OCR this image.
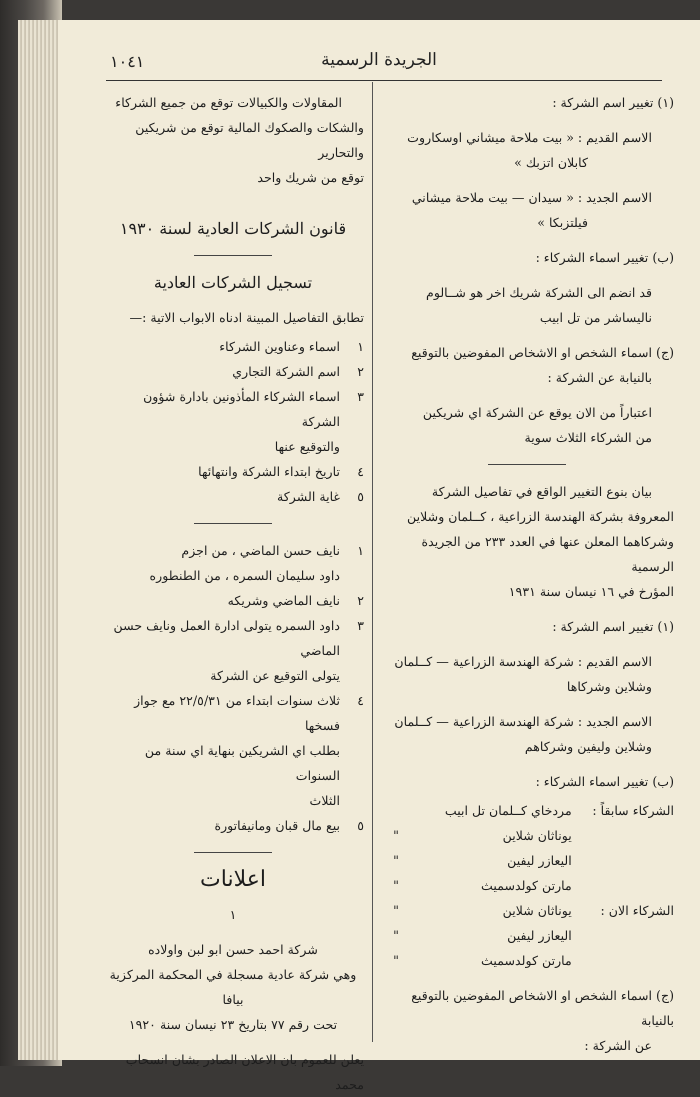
الجريدة الرسمية
١٠٤١

(١) تغيير اسم الشركة :

الاسم القديم : « بيت ملاحة ميشاني اوسكاروت

كابلان اتزبك »

الاسم الجديد : « سيدان — بيت ملاحة ميشاني

فيلتزبكا »

(ب) تغيير اسماء الشركاء :

قد انضم الى الشركة شريك اخر هو شــالوم

ناليساشر من تل ابيب

(ج) اسماء الشخص او الاشخاص المفوضين بالتوقيع

بالنيابة عن الشركة :

اعتباراً من الان يوقع عن الشركة اي شريكين

من الشركاء الثلاث سوية

بيان بنوع التغيير الواقع في تفاصيل الشركة

المعروفة بشركة الهندسة الزراعية ، كــلمان وشلاين

وشركاهما المعلن عنها في العدد ٢٣٣ من الجريدة الرسمية

المؤرخ في ١٦ نيسان سنة ١٩٣١

(١) تغيير اسم الشركة :

الاسم القديم : شركة الهندسة الزراعية — كــلمان

وشلاين وشركاها

الاسم الجديد : شركة الهندسة الزراعية — كــلمان

وشلاين وليفين وشركاهم

(ب) تغيير اسماء الشركاء :

الشركاء سابقاً :	مردخاي كــلمان تل ابيب	
	يوناثان شلاين	"
	اليعازر ليفين	"
	مارتن كولدسميث	"
الشركاء الان :	يوناثان شلاين	"
	اليعازر ليفين	"
	مارتن كولدسميث	"

(ج) اسماء الشخص او الاشخاص المفوضين بالتوقيع بالنيابة

عن الشركة :

المقاولات والكبيالات توقع من جميع الشركاء

والشكات والصكوك المالية توقع من شريكين والتحارير

توقع من شريك واحد

قانون الشركات العادية لسنة ١٩٣٠

تسجيل الشركات العادية

تطابق التفاصيل المبينة ادناه الابواب الاتية :—

١
اسماء وعناوين الشركاء
٢
اسم الشركة التجاري
٣
اسماء الشركاء المأذونين بادارة شؤون الشركة
والتوقيع عنها
٤
تاريخ ابتداء الشركة وانتهائها
٥
غاية الشركة
١
نايف حسن الماضي ، من اجزم
داود سليمان السمره ، من الطنطوره
٢
نايف الماضي وشريكه
٣
داود السمره يتولى ادارة العمل ونايف حسن الماضي
يتولى التوقيع عن الشركة
٤
ثلاث سنوات ابتداء من ٢٢/٥/٣١ مع جواز فسخها
بطلب اي الشريكين بنهاية اي سنة من السنوات
الثلاث
٥
بيع مال قبان ومانيفاتورة

اعلانات

١

شركة احمد حسن ابو لبن واولاده

وهي شركة عادية مسجلة في المحكمة المركزية بيافا

تحت رقم ٧٧ بتاريخ ٢٣ نيسان سنة ١٩٢٠

يعلن للعموم بان الاعلان الصادر بشان انسحاب محمد
